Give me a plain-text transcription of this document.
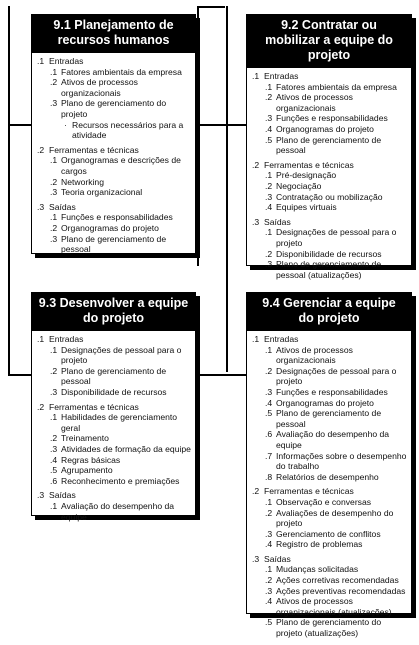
9.1 Planejamento de recursos humanos
.1 Entradas
.1 Fatores ambientais da empresa
.2 Ativos de processos organizacionais
.3 Plano de gerenciamento do projeto
· Recursos necessários para a atividade
.2 Ferramentas e técnicas
.1 Organogramas e descrições de cargos
.2 Networking
.3 Teoria organizacional
.3 Saídas
.1 Funções e responsabilidades
.2 Organogramas do projeto
.3 Plano de gerenciamento de pessoal
9.2 Contratar ou mobilizar a equipe do projeto
.1 Entradas
.1 Fatores ambientais da empresa
.2 Ativos de processos organizacionais
.3 Funções e responsabilidades
.4 Organogramas do projeto
.5 Plano de gerenciamento de pessoal
.2 Ferramentas e técnicas
.1 Pré-designação
.2 Negociação
.3 Contratação ou mobilização
.4 Equipes virtuais
.3 Saídas
.1 Designações de pessoal para o projeto
.2 Disponibilidade de recursos
.3 Plano de gerenciamento de pessoal (atualizações)
9.3 Desenvolver a equipe do projeto
.1 Entradas
.1 Designações de pessoal para o projeto
.2 Plano de gerenciamento de pessoal
.3 Disponibilidade de recursos
.2 Ferramentas e técnicas
.1 Habilidades de gerenciamento geral
.2 Treinamento
.3 Atividades de formação da equipe
.4 Regras básicas
.5 Agrupamento
.6 Reconhecimento e premiações
.3 Saídas
.1 Avaliação do desempenho da equipe
9.4 Gerenciar a equipe do projeto
.1 Entradas
.1 Ativos de processos organizacionais
.2 Designações de pessoal para o projeto
.3 Funções e responsabilidades
.4 Organogramas do projeto
.5 Plano de gerenciamento de pessoal
.6 Avaliação do desempenho da equipe
.7 Informações sobre o desempenho do trabalho
.8 Relatórios de desempenho
.2 Ferramentas e técnicas
.1 Observação e conversas
.2 Avaliações de desempenho do projeto
.3 Gerenciamento de conflitos
.4 Registro de problemas
.3 Saídas
.1 Mudanças solicitadas
.2 Ações corretivas recomendadas
.3 Ações preventivas recomendadas
.4 Ativos de processos organizacionais (atualizações)
.5 Plano de gerenciamento do projeto (atualizações)
